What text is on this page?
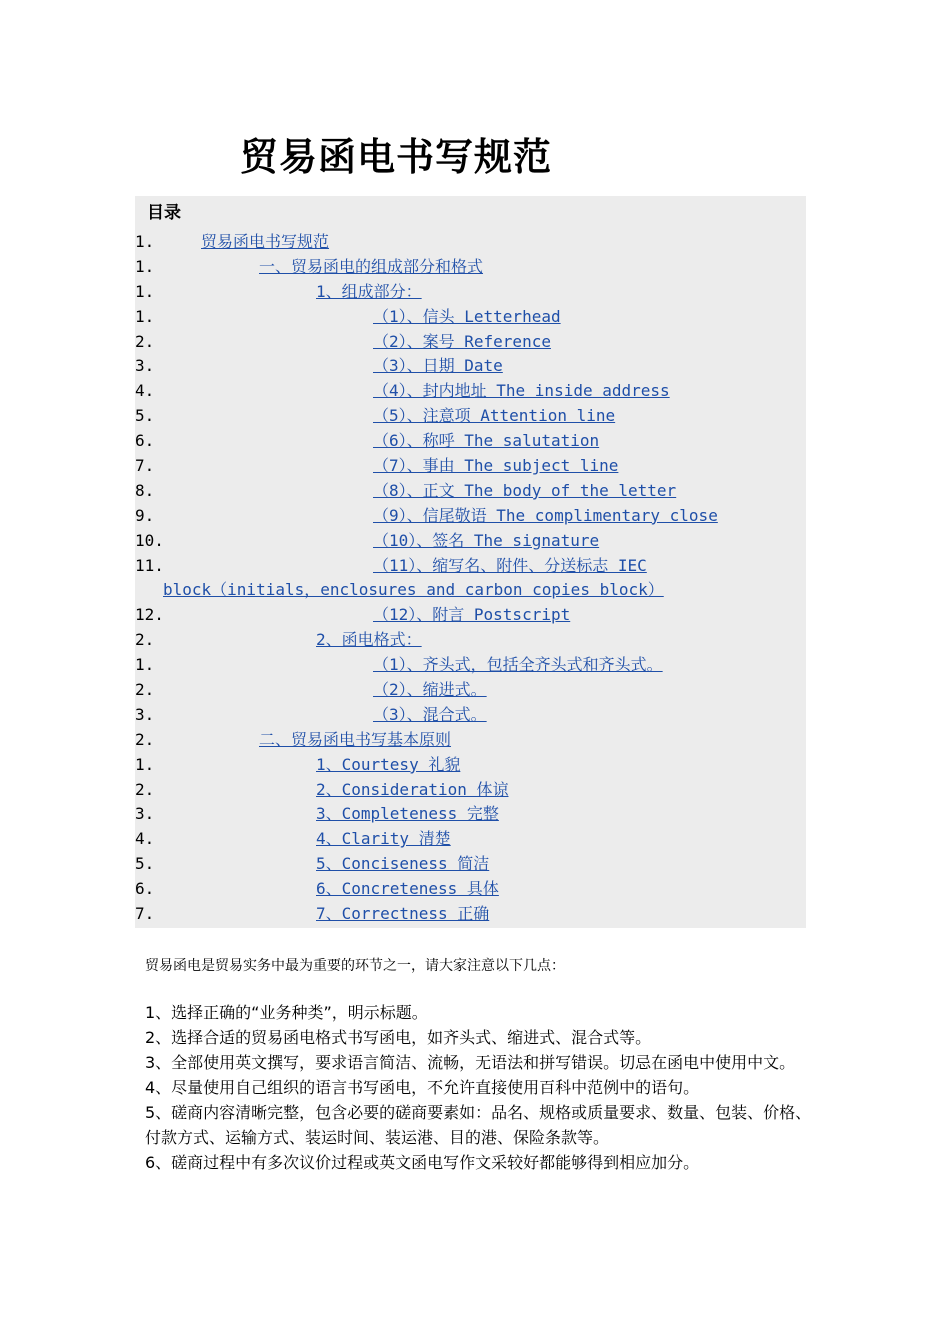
贸易函电书写规范
目录
1.	贸易函电书写规范
1.	一、贸易函电的组成部分和格式
1.	1、组成部分：
1.	（1）、信头 Letterhead
2.	（2）、案号 Reference
3.	（3）、日期 Date
4.	（4）、封内地址 The inside address
5.	（5）、注意项 Attention line
6.	（6）、称呼 The salutation
7.	（7）、事由 The subject line
8.	（8）、正文 The body of the letter
9.	（9）、信尾敬语 The complimentary close
10.	（10）、签名 The signature
11.	（11）、缩写名、附件、分送标志 IEC
block（initials，enclosures and carbon copies block）
12.	（12）、附言 Postscript
2.	2、函电格式：
1.	（1）、齐头式，包括全齐头式和齐头式。
2.	（2）、缩进式。
3.	（3）、混合式。
2.	二、贸易函电书写基本原则
1.	1、Courtesy 礼貌
2.	2、Consideration 体谅
3.	3、Completeness 完整
4.	4、Clarity 清楚
5.	5、Conciseness 简洁
6.	6、Concreteness 具体
7.	7、Correctness 正确
贸易函电是贸易实务中最为重要的环节之一，请大家注意以下几点：

1、选择正确的“业务种类”，明示标题。

2、选择合适的贸易函电格式书写函电，如齐头式、缩进式、混合式等。

3、全部使用英文撰写，要求语言简洁、流畅，无语法和拼写错误。切忌在函电中使用中文。

4、尽量使用自己组织的语言书写函电，不允许直接使用百科中范例中的语句。

5、磋商内容清晰完整，包含必要的磋商要素如：品名、规格或质量要求、数量、包装、价格、付款方式、运输方式、装运时间、装运港、目的港、保险条款等。

6、磋商过程中有多次议价过程或英文函电写作文采较好都能够得到相应加分。
